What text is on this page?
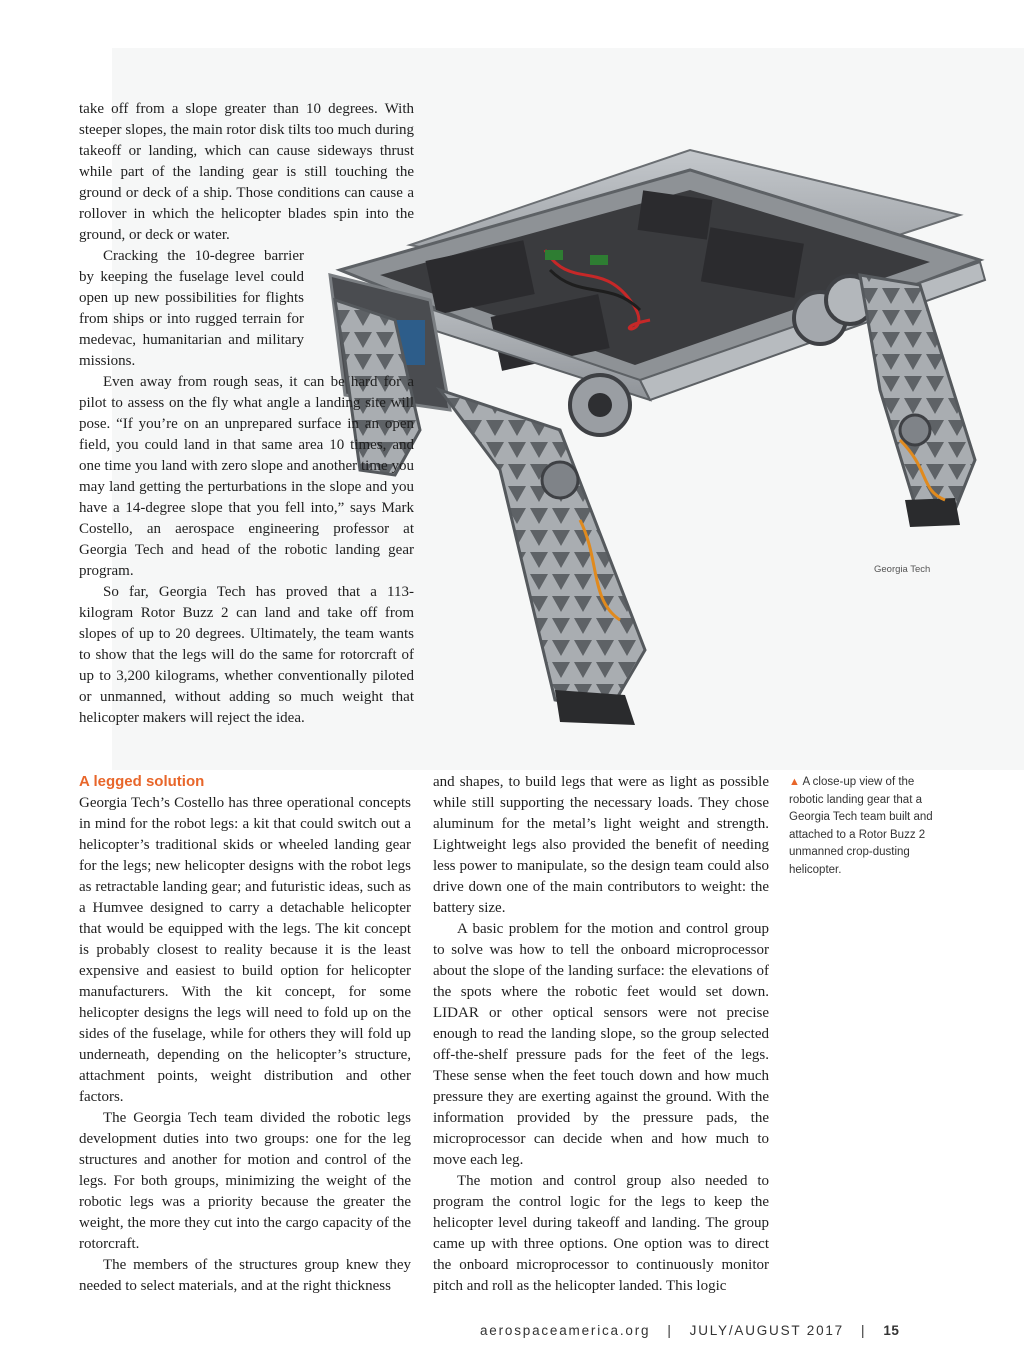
take off from a slope greater than 10 degrees. With steeper slopes, the main rotor disk tilts too much during takeoff or landing, which can cause sideways thrust while part of the landing gear is still touching the ground or deck of a ship. Those conditions can cause a rollover in which the helicopter blades spin into the ground, or deck or water.

Cracking the 10-degree barrier by keeping the fuselage level could open up new possibilities for flights from ships or into rugged terrain for medevac, humanitarian and military missions.

Even away from rough seas, it can be hard for a pilot to assess on the fly what angle a landing site will pose. “If you’re on an unprepared surface in an open field, you could land in that same area 10 times, and one time you land with zero slope and another time you may land getting the perturbations in the slope and you have a 14-degree slope that you fell into,” says Mark Costello, an aerospace engineering professor at Georgia Tech and head of the robotic landing gear program.

So far, Georgia Tech has proved that a 113-kilogram Rotor Buzz 2 can land and take off from slopes of up to 20 degrees. Ultimately, the team wants to show that the legs will do the same for rotorcraft of up to 3,200 kilograms, whether conventionally piloted or unmanned, without adding so much weight that helicopter makers will reject the idea.

Georgia Tech
A legged solution

Georgia Tech’s Costello has three operational concepts in mind for the robot legs: a kit that could switch out a helicopter’s traditional skids or wheeled landing gear for the legs; new helicopter designs with the robot legs as retractable landing gear; and futuristic ideas, such as a Humvee designed to carry a detachable helicopter that would be equipped with the legs. The kit concept is probably closest to reality because it is the least expensive and easiest to build option for helicopter manufacturers. With the kit concept, for some helicopter designs the legs will need to fold up on the sides of the fuselage, while for others they will fold up underneath, depending on the helicopter’s structure, attachment points, weight distribution and other factors.

The Georgia Tech team divided the robotic legs development duties into two groups: one for the leg structures and another for motion and control of the legs. For both groups, minimizing the weight of the robotic legs was a priority because the greater the weight, the more they cut into the cargo capacity of the rotorcraft.

The members of the structures group knew they needed to select materials, and at the right thickness

and shapes, to build legs that were as light as possible while still supporting the necessary loads. They chose aluminum for the metal’s light weight and strength. Lightweight legs also provided the benefit of needing less power to manipulate, so the design team could also drive down one of the main contributors to weight: the battery size.

A basic problem for the motion and control group to solve was how to tell the onboard microprocessor about the slope of the landing surface: the elevations of the spots where the robotic feet would set down. LIDAR or other optical sensors were not precise enough to read the landing slope, so the group selected off-the-shelf pressure pads for the feet of the legs. These sense when the feet touch down and how much pressure they are exerting against the ground. With the information provided by the pressure pads, the microprocessor can decide when and how much to move each leg.

The motion and control group also needed to program the control logic for the legs to keep the helicopter level during takeoff and landing. The group came up with three options. One option was to direct the onboard microprocessor to continuously monitor pitch and roll as the helicopter landed. This logic

▲ A close-up view of the robotic landing gear that a Georgia Tech team built and attached to a Rotor Buzz 2 unmanned crop-dusting helicopter.
aerospaceamerica.org | JULY/AUGUST 2017 | 15
